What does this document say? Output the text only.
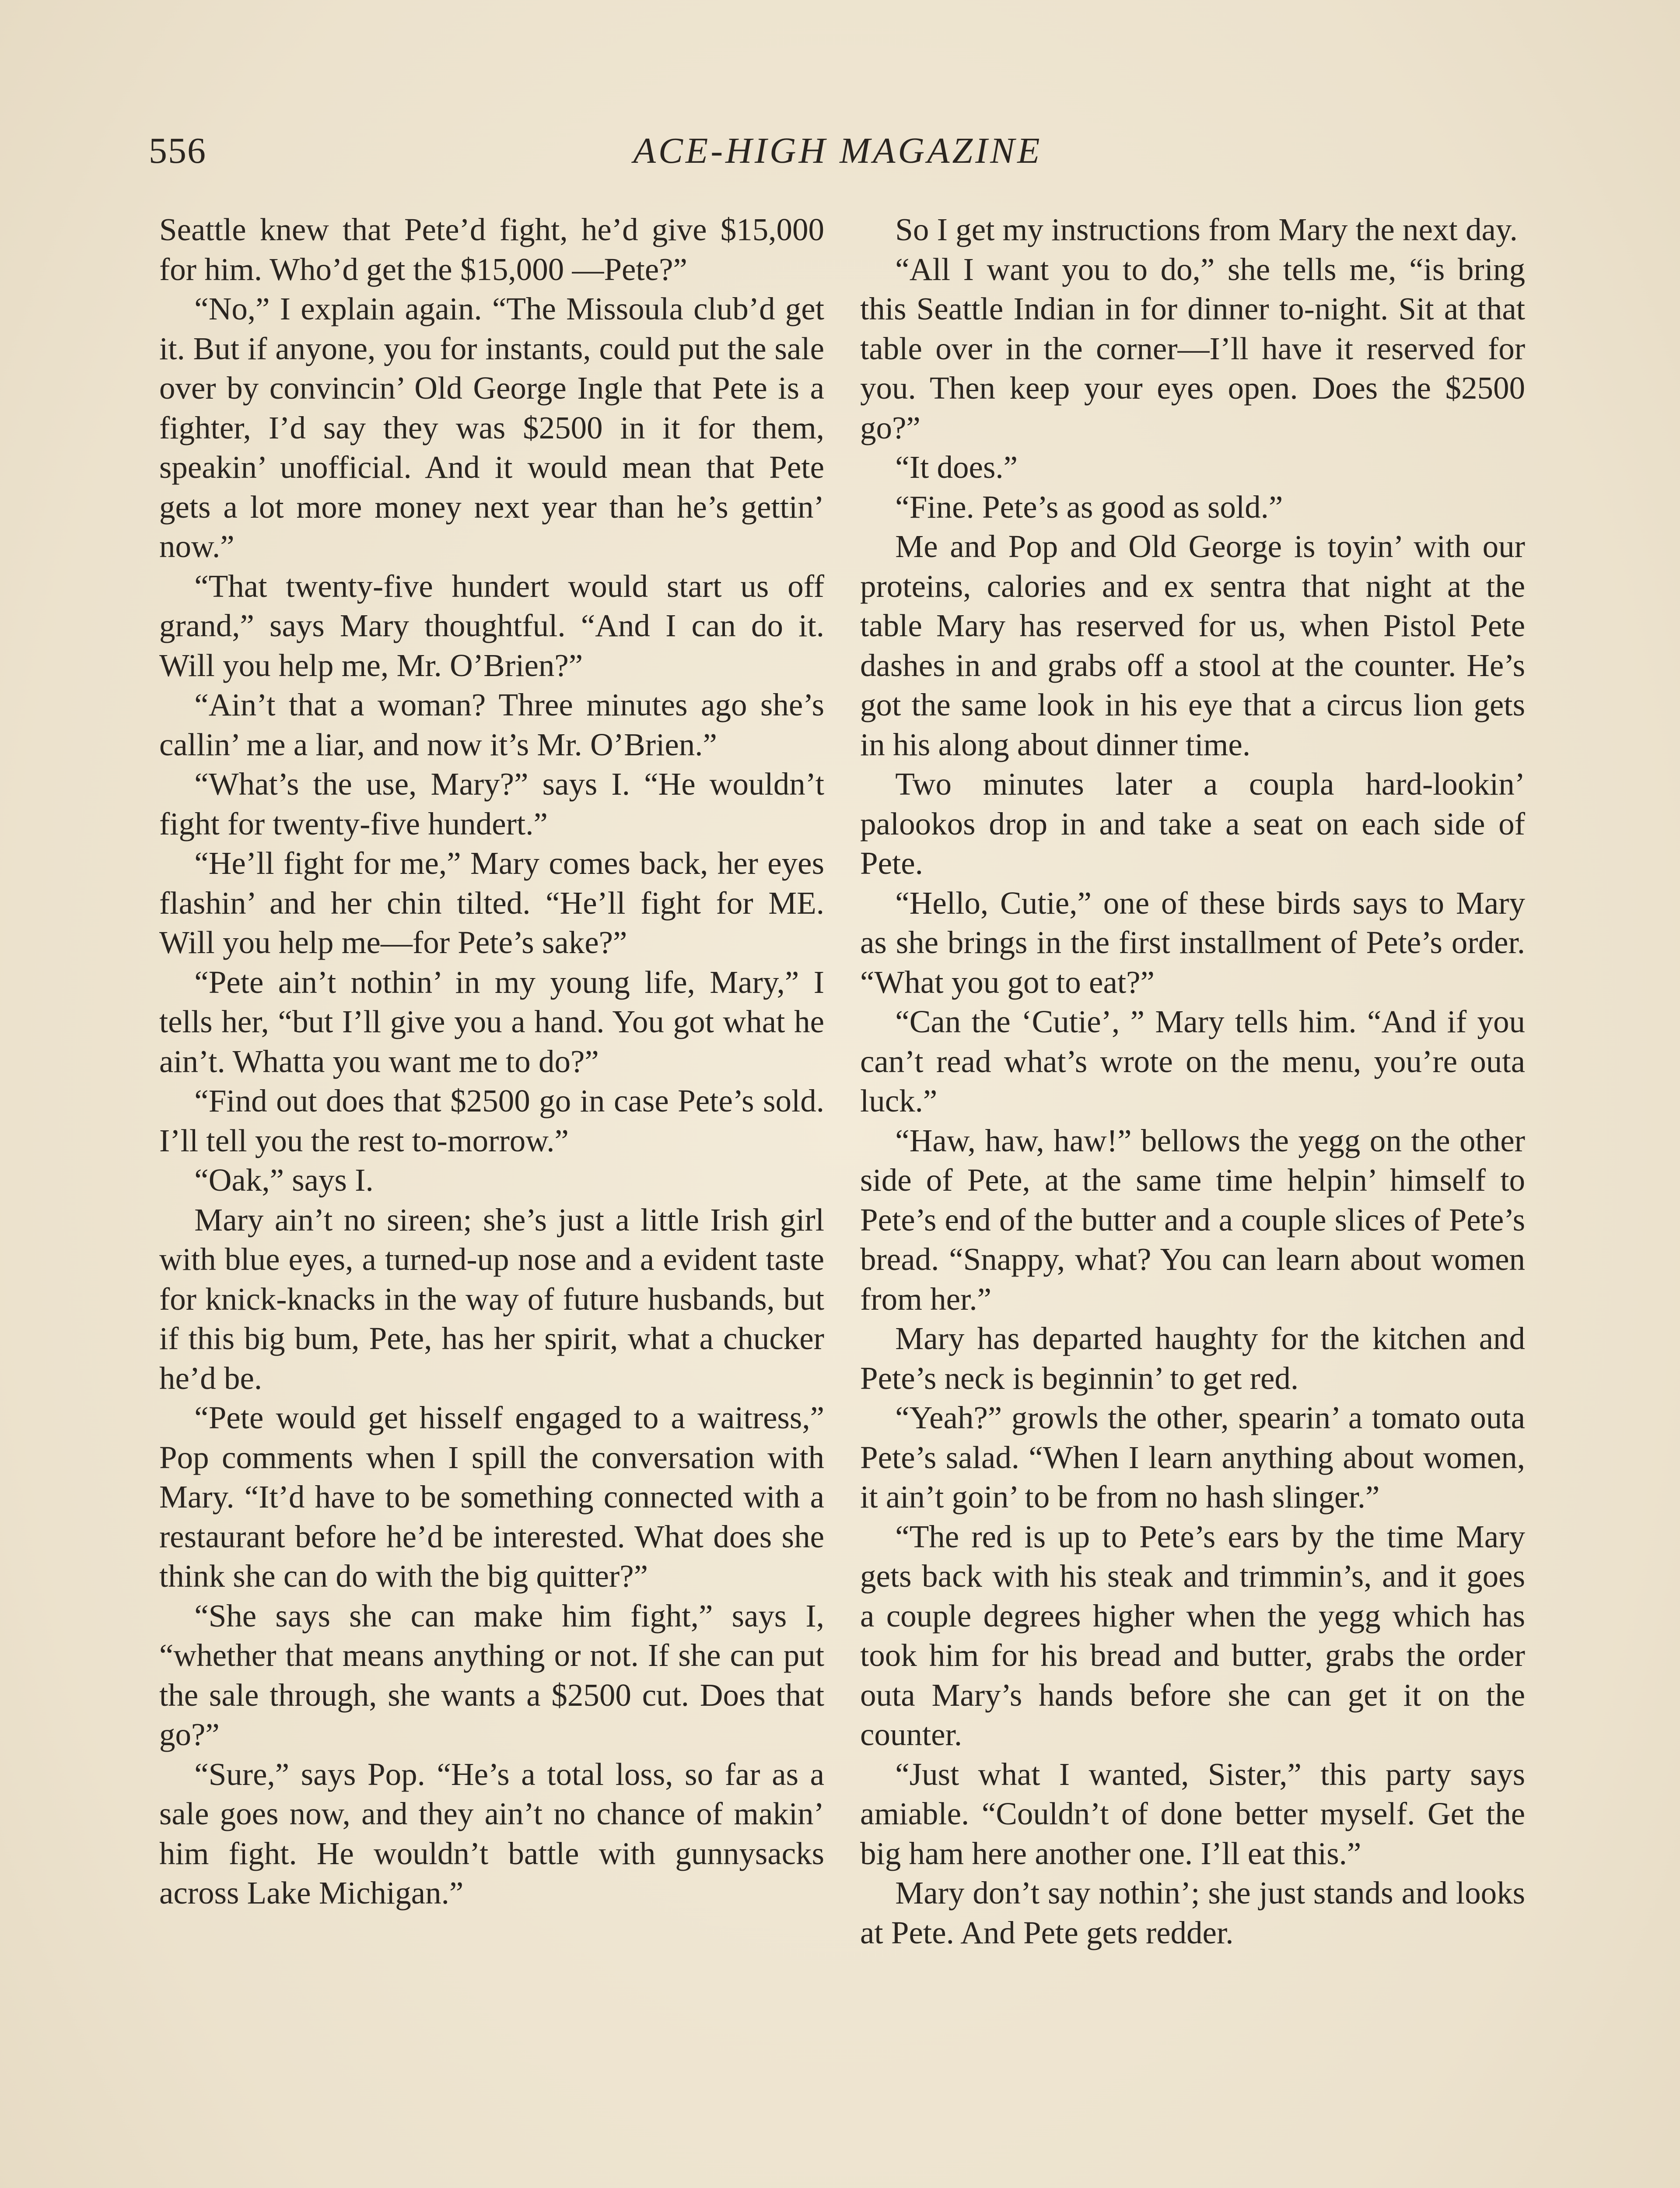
556	ACE-HIGH MAGAZINE

Seattle knew that Pete’d fight, he’d give $15,000 for him. Who’d get the $15,000 —Pete?”

“No,” I explain again. “The Missoula club’d get it. But if anyone, you for instants, could put the sale over by convincin’ Old George Ingle that Pete is a fighter, I’d say they was $2500 in it for them, speakin’ unofficial. And it would mean that Pete gets a lot more money next year than he’s gettin’ now.”

“That twenty-five hundert would start us off grand,” says Mary thoughtful. “And I can do it. Will you help me, Mr. O’Brien?”

“Ain’t that a woman? Three minutes ago she’s callin’ me a liar, and now it’s Mr. O’Brien.”

“What’s the use, Mary?” says I. “He wouldn’t fight for twenty-five hundert.”

“He’ll fight for me,” Mary comes back, her eyes flashin’ and her chin tilted. “He’ll fight for ME. Will you help me—for Pete’s sake?”

“Pete ain’t nothin’ in my young life, Mary,” I tells her, “but I’ll give you a hand. You got what he ain’t. Whatta you want me to do?”

“Find out does that $2500 go in case Pete’s sold. I’ll tell you the rest to-morrow.”

“Oak,” says I.

Mary ain’t no sireen; she’s just a little Irish girl with blue eyes, a turned-up nose and a evident taste for knick-knacks in the way of future husbands, but if this big bum, Pete, has her spirit, what a chucker he’d be.

“Pete would get hisself engaged to a waitress,” Pop comments when I spill the conversation with Mary. “It’d have to be something connected with a restaurant before he’d be interested. What does she think she can do with the big quitter?”

“She says she can make him fight,” says I, “whether that means anything or not. If she can put the sale through, she wants a $2500 cut. Does that go?”

“Sure,” says Pop. “He’s a total loss, so far as a sale goes now, and they ain’t no chance of makin’ him fight. He wouldn’t battle with gunnysacks across Lake Michigan.”

So I get my instructions from Mary the next day.

“All I want you to do,” she tells me, “is bring this Seattle Indian in for dinner to-night. Sit at that table over in the corner—I’ll have it reserved for you. Then keep your eyes open. Does the $2500 go?”

“It does.”

“Fine. Pete’s as good as sold.”

Me and Pop and Old George is toyin’ with our proteins, calories and ex sentra that night at the table Mary has reserved for us, when Pistol Pete dashes in and grabs off a stool at the counter. He’s got the same look in his eye that a circus lion gets in his along about dinner time.

Two minutes later a coupla hard-lookin’ palookos drop in and take a seat on each side of Pete.

“Hello, Cutie,” one of these birds says to Mary as she brings in the first installment of Pete’s order. “What you got to eat?”

“Can the ‘Cutie’, ” Mary tells him. “And if you can’t read what’s wrote on the menu, you’re outa luck.”

“Haw, haw, haw!” bellows the yegg on the other side of Pete, at the same time helpin’ himself to Pete’s end of the butter and a couple slices of Pete’s bread. “Snappy, what? You can learn about women from her.”

Mary has departed haughty for the kitchen and Pete’s neck is beginnin’ to get red.

“Yeah?” growls the other, spearin’ a tomato outa Pete’s salad. “When I learn anything about women, it ain’t goin’ to be from no hash slinger.”

“The red is up to Pete’s ears by the time Mary gets back with his steak and trimmin’s, and it goes a couple degrees higher when the yegg which has took him for his bread and butter, grabs the order outa Mary’s hands before she can get it on the counter.

“Just what I wanted, Sister,” this party says amiable. “Couldn’t of done better myself. Get the big ham here another one. I’ll eat this.”

Mary don’t say nothin’; she just stands and looks at Pete. And Pete gets redder.
